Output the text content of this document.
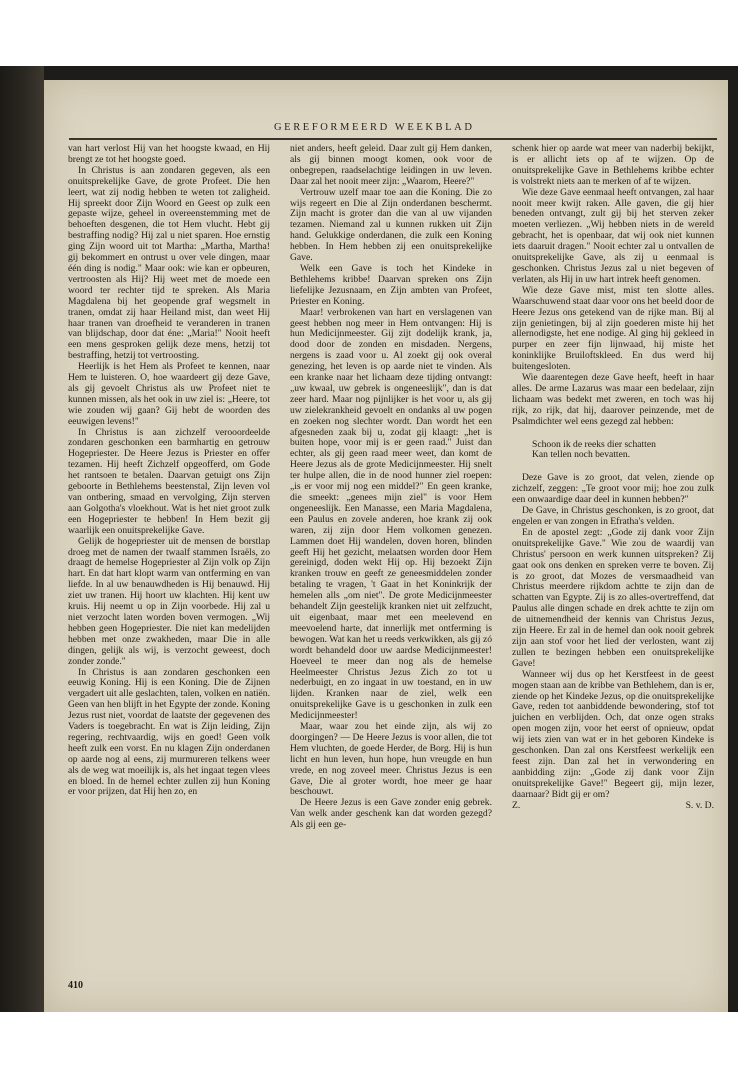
GEREFORMEERD WEEKBLAD

van hart verlost Hij van het hoogste kwaad, en Hij brengt ze tot het hoogste goed.

In Christus is aan zondaren gegeven, als een onuitsprekelijke Gave, de grote Profeet. Die hen leert, wat zij nodig hebben te weten tot zaligheid. Hij spreekt door Zijn Woord en Geest op zulk een gepaste wijze, geheel in overeenstemming met de behoeften desgenen, die tot Hem vlucht. Hebt gij bestraffing nodig? Hij zal u niet sparen. Hoe ernstig ging Zijn woord uit tot Martha: „Martha, Martha! gij bekommert en ontrust u over vele dingen, maar één ding is nodig." Maar ook: wie kan er opbeuren, vertroosten als Hij? Hij weet met de moede een woord ter rechter tijd te spreken. Als Maria Magdalena bij het geopende graf wegsmelt in tranen, omdat zij haar Heiland mist, dan weet Hij haar tranen van droefheid te veranderen in tranen van blijdschap, door dat éne: „Maria!" Nooit heeft een mens gesproken gelijk deze mens, hetzij tot bestraffing, hetzij tot vertroosting.

Heerlijk is het Hem als Profeet te kennen, naar Hem te luisteren. O, hoe waardeert gij deze Gave, als gij gevoelt Christus als uw Profeet niet te kunnen missen, als het ook in uw ziel is: „Heere, tot wie zouden wij gaan? Gij hebt de woorden des eeuwigen levens!"

In Christus is aan zichzelf verooordeelde zondaren geschonken een barmhartig en getrouw Hogepriester. De Heere Jezus is Priester en offer tezamen. Hij heeft Zichzelf opgeofferd, om Gode het rantsoen te betalen. Daarvan getuigt ons Zijn geboorte in Bethlehems beestenstal, Zijn leven vol van ontbering, smaad en vervolging, Zijn sterven aan Golgotha's vloekhout. Wat is het niet groot zulk een Hogepriester te hebben! In Hem bezit gij waarlijk een onuitsprekelijke Gave.

Gelijk de hogepriester uit de mensen de borstlap droeg met de namen der twaalf stammen Israëls, zo draagt de hemelse Hogepriester al Zijn volk op Zijn hart. En dat hart klopt warm van ontferming en van liefde. In al uw benauwdheden is Hij benauwd. Hij ziet uw tranen. Hij hoort uw klachten. Hij kent uw kruis. Hij neemt u op in Zijn voorbede. Hij zal u niet verzocht laten worden boven vermogen. „Wij hebben geen Hogepriester. Die niet kan medelijden hebben met onze zwakheden, maar Die in alle dingen, gelijk als wij, is verzocht geweest, doch zonder zonde."

In Christus is aan zondaren geschonken een eeuwig Koning. Hij is een Koning. Die de Zijnen vergadert uit alle geslachten, talen, volken en natiën. Geen van hen blijft in het Egypte der zonde. Koning Jezus rust niet, voordat de laatste der gegevenen des Vaders is toegebracht. En wat is Zijn leiding, Zijn regering, rechtvaardig, wijs en goed! Geen volk heeft zulk een vorst. En nu klagen Zijn onderdanen op aarde nog al eens, zij murmureren telkens weer als de weg wat moeilijk is, als het ingaat tegen vlees en bloed. In de hemel echter zullen zij hun Koning er voor prijzen, dat Hij hen zo, en

niet anders, heeft geleid. Daar zult gij Hem danken, als gij binnen moogt komen, ook voor de onbegrepen, raadselachtige leidingen in uw leven. Daar zal het nooit meer zijn: „Waarom, Heere?"

Vertrouw uzelf maar toe aan die Koning. Die zo wijs regeert en Die al Zijn onderdanen beschermt. Zijn macht is groter dan die van al uw vijanden tezamen. Niemand zal u kunnen rukken uit Zijn hand. Gelukkige onderdanen, die zulk een Koning hebben. In Hem hebben zij een onuitsprekelijke Gave.

Welk een Gave is toch het Kindeke in Bethlehems kribbe! Daarvan spreken ons Zijn liefelijke Jezusnaam, en Zijn ambten van Profeet, Priester en Koning.

Maar! verbrokenen van hart en verslagenen van geest hebben nog meer in Hem ontvangen: Hij is hun Medicijnmeester. Gij zijt dodelijk krank, ja, dood door de zonden en misdaden. Nergens, nergens is zaad voor u. Al zoekt gij ook overal genezing, het leven is op aarde niet te vinden. Als een kranke naar het lichaam deze tijding ontvangt: „uw kwaal, uw gebrek is ongeneeslijk", dan is dat zeer hard. Maar nog pijnlijker is het voor u, als gij uw zielekrankheid gevoelt en ondanks al uw pogen en zoeken nog slechter wordt. Dan wordt het een afgesneden zaak bij u, zodat gij klaagt: „het is buiten hope, voor mij is er geen raad." Juist dan echter, als gij geen raad meer weet, dan komt de Heere Jezus als de grote Medicijnmeester. Hij snelt ter hulpe allen, die in de nood hunner ziel roepen: „is er voor mij nog een middel?" En geen kranke, die smeekt: „genees mijn ziel" is voor Hem ongeneeslijk. Een Manasse, een Maria Magdalena, een Paulus en zovele anderen, hoe krank zij ook waren, zij zijn door Hem volkomen genezen. Lammen doet Hij wandelen, doven horen, blinden geeft Hij het gezicht, melaatsen worden door Hem gereinigd, doden wekt Hij op. Hij bezoekt Zijn kranken trouw en geeft ze geneesmiddelen zonder betaling te vragen, 't Gaat in het Koninkrijk der hemelen alls „om niet". De grote Medicijnmeester behandelt Zijn geestelijk kranken niet uit zelfzucht, uit eigenbaat, maar met een meelevend en meevoelend harte, dat innerlijk met ontferming is bewogen. Wat kan het u reeds verkwikken, als gij zó wordt behandeld door uw aardse Medicijnmeester! Hoeveel te meer dan nog als de hemelse Heelmeester Christus Jezus Zich zo tot u nederbuigt, en zo ingaat in uw toestand, en in uw lijden. Kranken naar de ziel, welk een onuitsprekelijke Gave is u geschonken in zulk een Medicijnmeester!

Maar, waar zou het einde zijn, als wij zo doorgingen? — De Heere Jezus is voor allen, die tot Hem vluchten, de goede Herder, de Borg. Hij is hun licht en hun leven, hun hope, hun vreugde en hun vrede, en nog zoveel meer. Christus Jezus is een Gave, Die al groter wordt, hoe meer ge haar beschouwt.

De Heere Jezus is een Gave zonder enig gebrek. Van welk ander geschenk kan dat worden gezegd? Als gij een ge-

schenk hier op aarde wat meer van naderbij bekijkt, is er allicht iets op af te wijzen. Op de onuitsprekelijke Gave in Bethlehems kribbe echter is volstrekt niets aan te merken of af te wijzen.

Wie deze Gave eenmaal heeft ontvangen, zal haar nooit meer kwijt raken. Alle gaven, die gij hier beneden ontvangt, zult gij bij het sterven zeker moeten verliezen. „Wij hebben niets in de wereld gebracht, het is openbaar, dat wij ook niet kunnen iets daaruit dragen." Nooit echter zal u ontvallen de onuitsprekelijke Gave, als zij u eenmaal is geschonken. Christus Jezus zal u niet begeven of verlaten, als Hij in uw hart intrek heeft genomen.

Wie deze Gave mist, mist ten slotte alles. Waarschuwend staat daar voor ons het beeld door de Heere Jezus ons getekend van de rijke man. Bij al zijn genietingen, bij al zijn goederen miste hij het allernodigste, het ene nodige. Al ging hij gekleed in purper en zeer fijn lijnwaad, hij miste het koninklijke Bruiloftskleed. En dus werd hij buitengesloten.

Wie daarentegen deze Gave heeft, heeft in haar alles. De arme Lazarus was maar een bedelaar, zijn lichaam was bedekt met zweren, en toch was hij rijk, zo rijk, dat hij, daarover peinzende, met de Psalmdichter wel eens gezegd zal hebben:

Schoon ik de reeks dier schatten
Kan tellen noch bevatten.

Deze Gave is zo groot, dat velen, ziende op zichzelf, zeggen: „Te groot voor mij; hoe zou zulk een onwaardige daar deel in kunnen hebben?"

De Gave, in Christus geschonken, is zo groot, dat engelen er van zongen in Efratha's velden.

En de apostel zegt: „Gode zij dank voor Zijn onuitsprekelijke Gave." Wie zou de waardij van Christus' persoon en werk kunnen uitspreken? Zij gaat ook ons denken en spreken verre te boven. Zij is zo groot, dat Mozes de versmaadheid van Christus meerdere rijkdom achtte te zijn dan de schatten van Egypte. Zij is zo alles-overtreffend, dat Paulus alle dingen schade en drek achtte te zijn om de uitnemendheid der kennis van Christus Jezus, zijn Heere. Er zal in de hemel dan ook nooit gebrek zijn aan stof voor het lied der verlosten, want zij zullen te bezingen hebben een onuitsprekelijke Gave!

Wanneer wij dus op het Kerstfeest in de geest mogen staan aan de kribbe van Bethlehem, dan is er, ziende op het Kindeke Jezus, op die onuitsprekelijke Gave, reden tot aanbiddende bewondering, stof tot juichen en verblijden. Och, dat onze ogen straks open mogen zijn, voor het eerst of opnieuw, opdat wij iets zien van wat er in het geboren Kindeke is geschonken. Dan zal ons Kerstfeest werkelijk een feest zijn. Dan zal het in verwondering en aanbidding zijn: „Gode zij dank voor Zijn onuitsprekelijke Gave!" Begeert gij, mijn lezer, daarnaar? Bidt gij er om?

Z.	S. v. D.

410
